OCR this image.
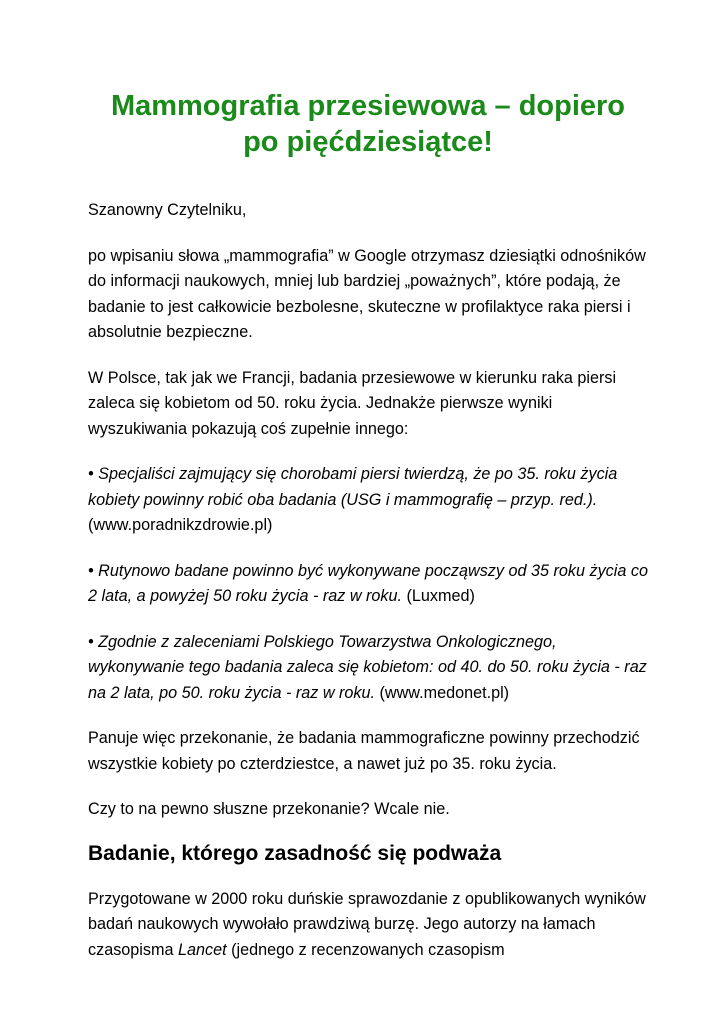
Mammografia przesiewowa – dopiero
po pięćdziesiątce!

Szanowny Czytelniku,

po wpisaniu słowa „mammografia” w Google otrzymasz dziesiątki odnośników do informacji naukowych, mniej lub bardziej „poważnych”, które podają, że badanie to jest całkowicie bezbolesne, skuteczne w profilaktyce raka piersi i absolutnie bezpieczne.

W Polsce, tak jak we Francji, badania przesiewowe w kierunku raka piersi zaleca się kobietom od 50. roku życia. Jednakże pierwsze wyniki wyszukiwania pokazują coś zupełnie innego:

• Specjaliści zajmujący się chorobami piersi twierdzą, że po 35. roku życia kobiety powinny robić oba badania (USG i mammografię – przyp. red.). (www.poradnikzdrowie.pl)

• Rutynowo badane powinno być wykonywane począwszy od 35 roku życia co 2 lata, a powyżej 50 roku życia - raz w roku. (Luxmed)

• Zgodnie z zaleceniami Polskiego Towarzystwa Onkologicznego, wykonywanie tego badania zaleca się kobietom: od 40. do 50. roku życia - raz na 2 lata, po 50. roku życia - raz w roku. (www.medonet.pl)

Panuje więc przekonanie, że badania mammograficzne powinny przechodzić wszystkie kobiety po czterdziestce, a nawet już po 35. roku życia.

Czy to na pewno słuszne przekonanie? Wcale nie.

Badanie, którego zasadność się podważa

Przygotowane w 2000 roku duńskie sprawozdanie z opublikowanych wyników badań naukowych wywołało prawdziwą burzę. Jego autorzy na łamach czasopisma Lancet (jednego z recenzowanych czasopism
